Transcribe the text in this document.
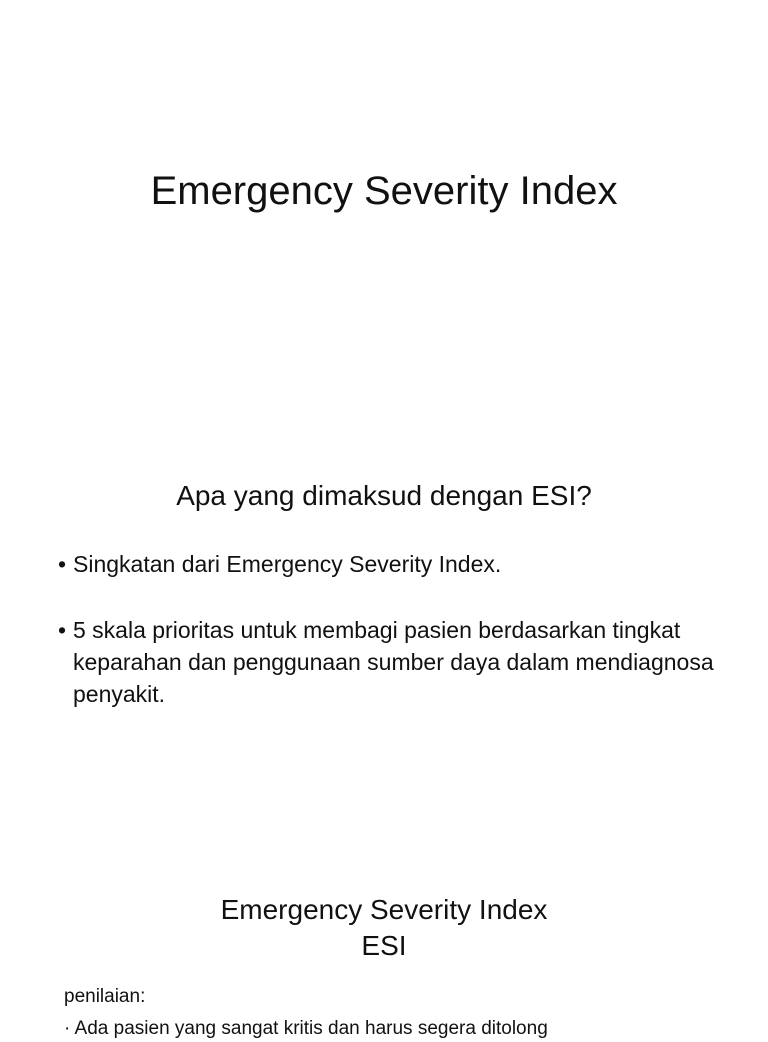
Emergency Severity Index
Apa yang dimaksud dengan ESI?
• Singkatan dari Emergency Severity Index.
• 5 skala prioritas untuk membagi pasien berdasarkan tingkat keparahan dan penggunaan sumber daya dalam mendiagnosa penyakit.
Emergency Severity Index
ESI

penilaian:

· Ada pasien yang sangat kritis dan harus segera ditolong
